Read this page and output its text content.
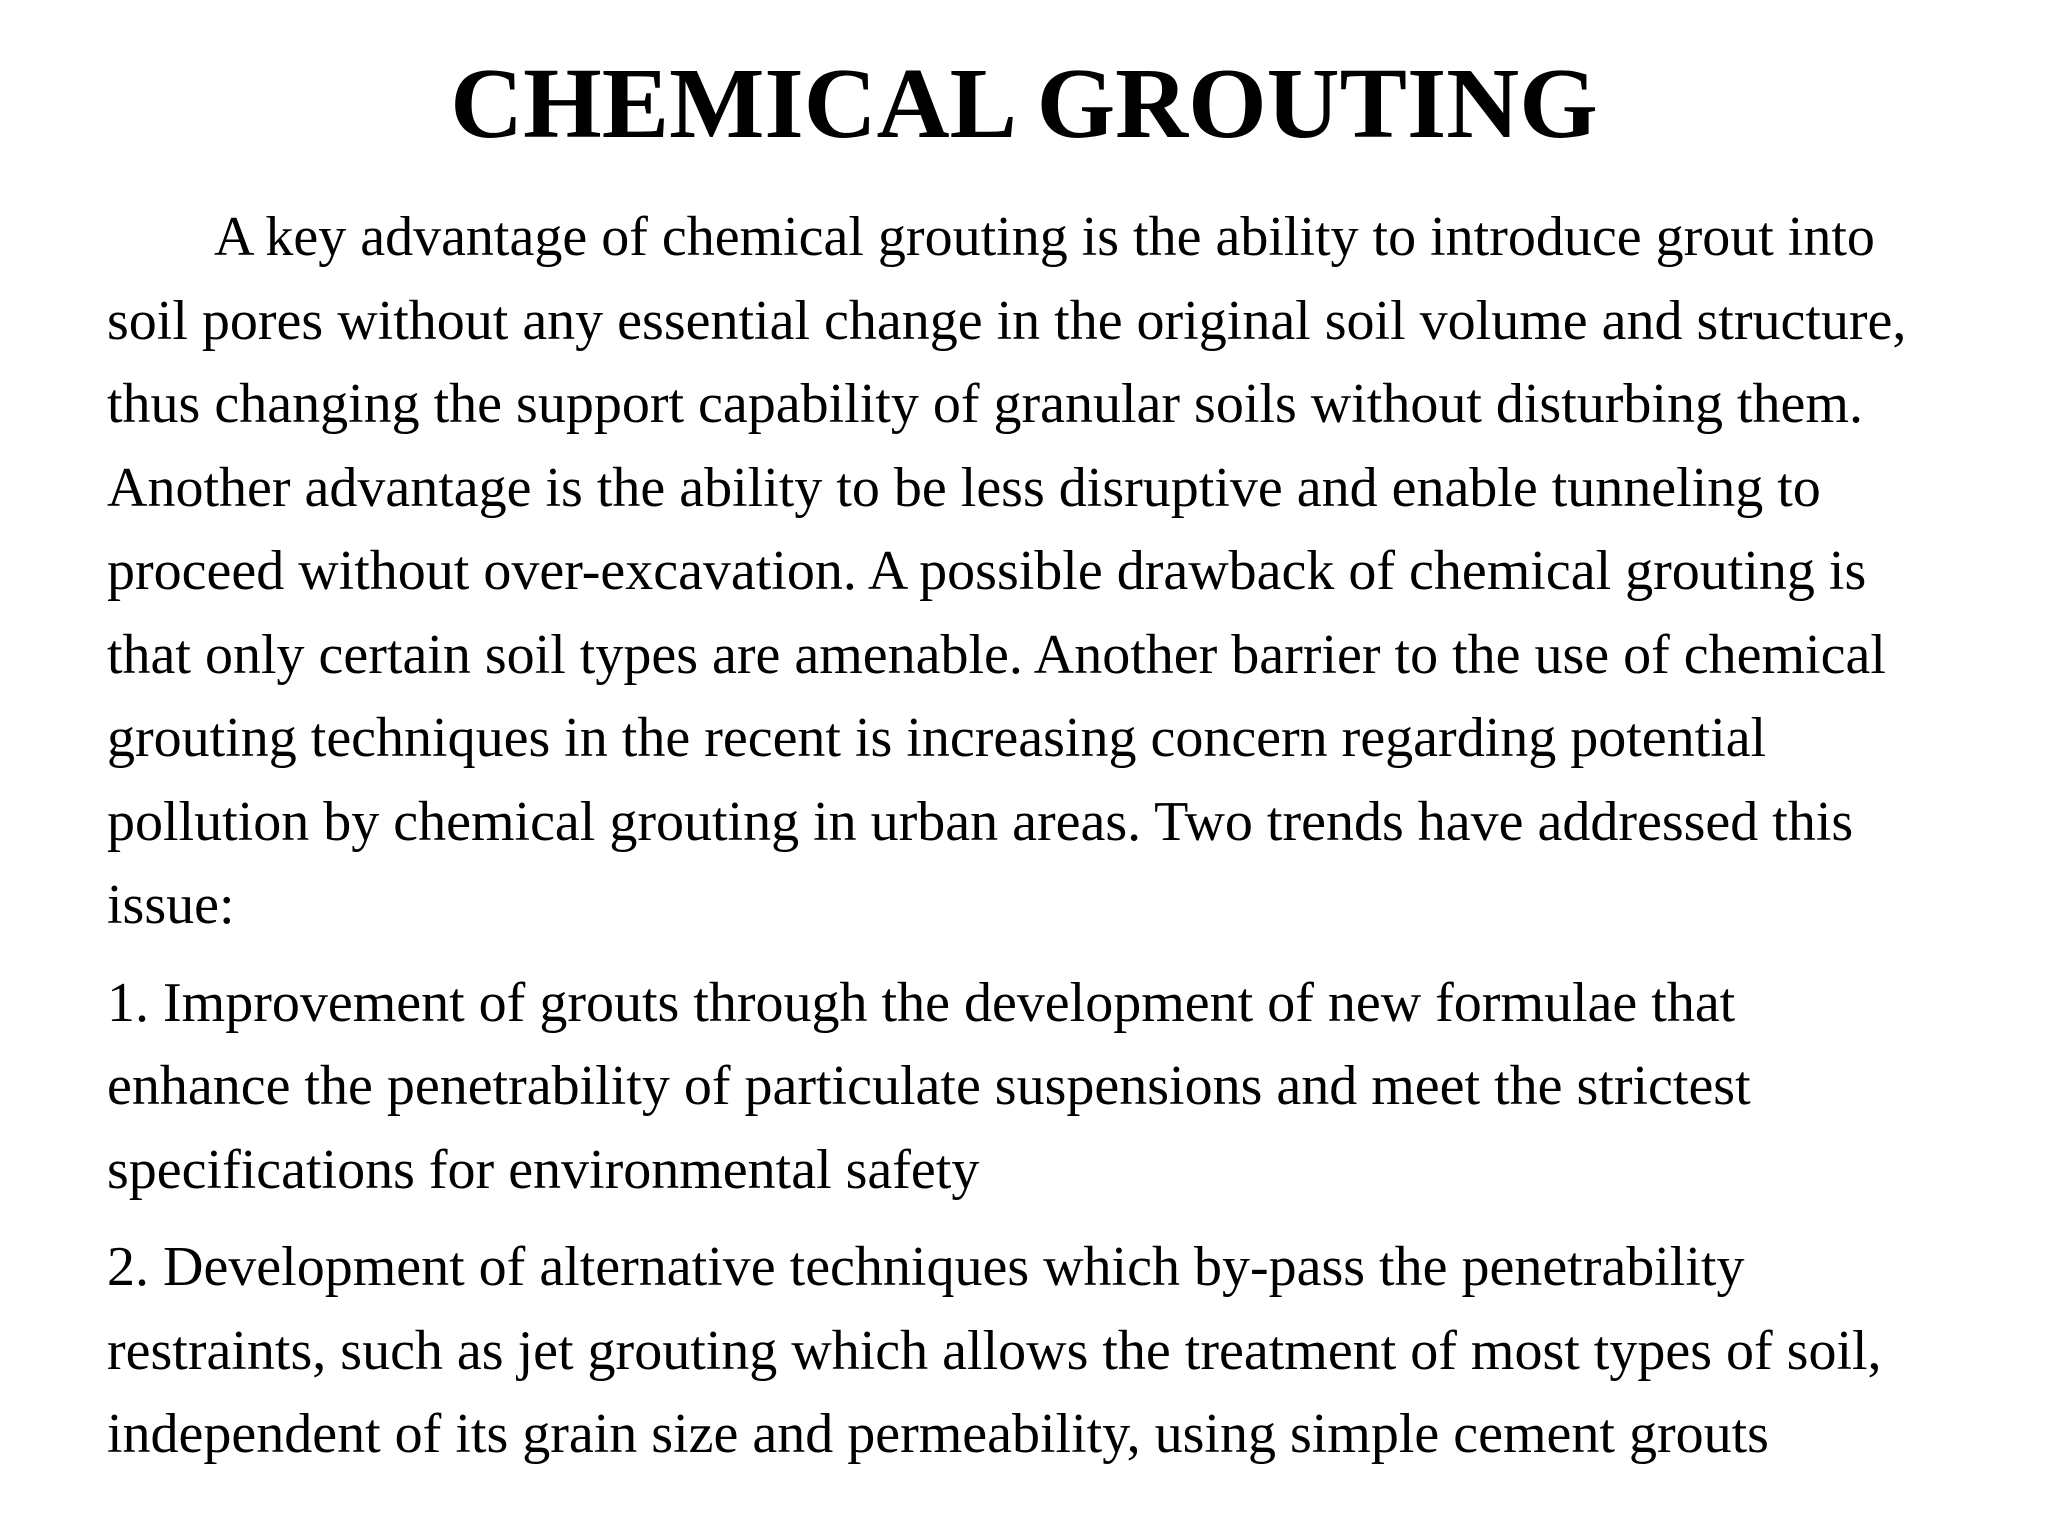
CHEMICAL GROUTING

A key advantage of chemical grouting is the ability to introduce grout into
soil pores without any essential change in the original soil volume and structure,
thus changing the support capability of granular soils without disturbing them.
Another advantage is the ability to be less disruptive and enable tunneling to
proceed without over-excavation. A possible drawback of chemical grouting is
that only certain soil types are amenable. Another barrier to the use of chemical
grouting techniques in the recent is increasing concern regarding potential
pollution by chemical grouting in urban areas. Two trends have addressed this
issue:

1. Improvement of grouts through the development of new formulae that
enhance the penetrability of particulate suspensions and meet the strictest
specifications for environmental safety

2. Development of alternative techniques which by-pass the penetrability
restraints, such as jet grouting which allows the treatment of most types of soil,
independent of its grain size and permeability, using simple cement grouts
